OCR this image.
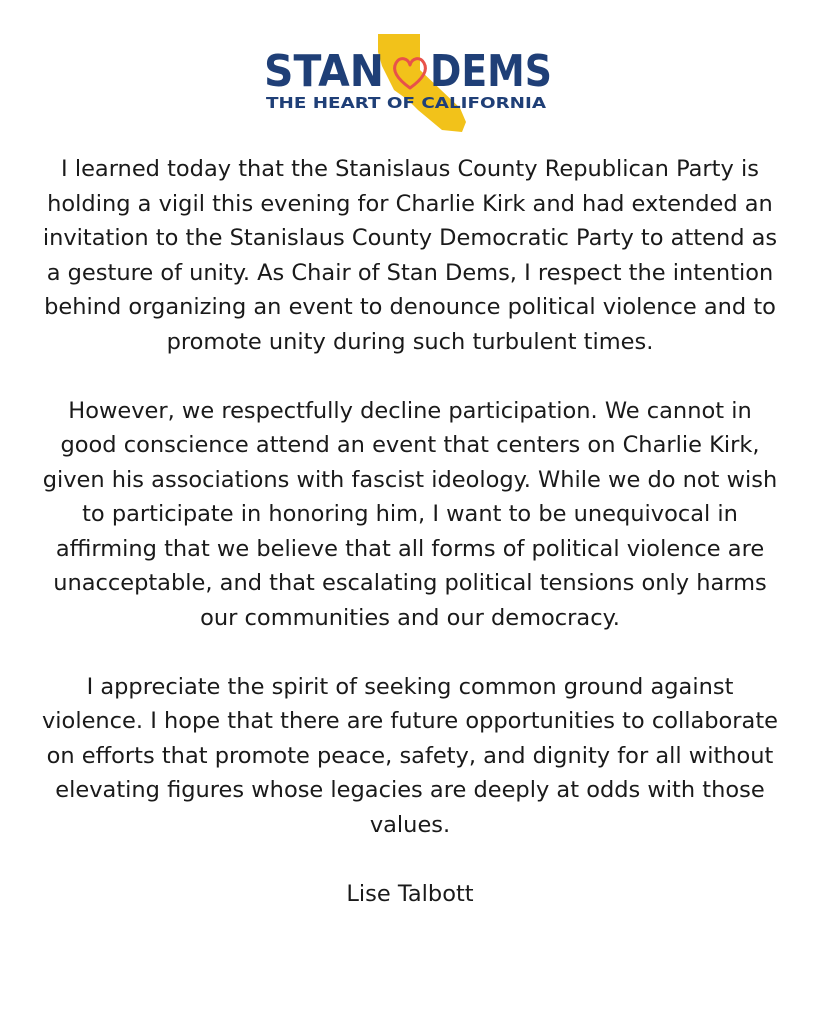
STAN DEMS
THE HEART OF CALIFORNIA

I learned today that the Stanislaus County Republican Party is holding a vigil this evening for Charlie Kirk and had extended an invitation to the Stanislaus County Democratic Party to attend as a gesture of unity. As Chair of Stan Dems, I respect the intention behind organizing an event to denounce political violence and to promote unity during such turbulent times.

However, we respectfully decline participation. We cannot in good conscience attend an event that centers on Charlie Kirk, given his associations with fascist ideology. While we do not wish to participate in honoring him, I want to be unequivocal in affirming that we believe that all forms of political violence are unacceptable, and that escalating political tensions only harms our communities and our democracy.

I appreciate the spirit of seeking common ground against violence. I hope that there are future opportunities to collaborate on efforts that promote peace, safety, and dignity for all without elevating figures whose legacies are deeply at odds with those values.

Lise Talbott
